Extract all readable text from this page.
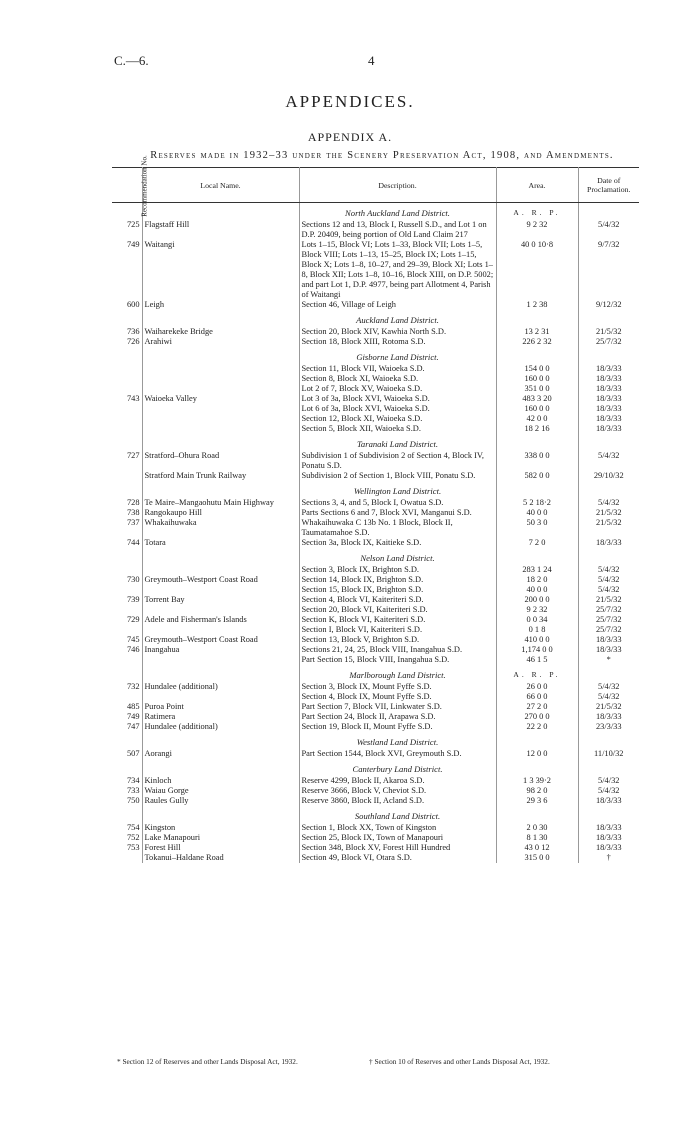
C.—6.	4
APPENDICES.
APPENDIX A.
Reserves made in 1932–33 under the Scenery Preservation Act, 1908, and Amendments.
Recommendation No.	Local Name.	Description.	Area.	Date of Proclamation.

		North Auckland Land District.	A. R. P.	
725	Flagstaff Hill	Sections 12 and 13, Block I, Russell S.D., and Lot 1 on D.P. 20409, being portion of Old Land Claim 217	9 2 32	5/4/32
749	Waitangi	Lots 1–15, Block VI; Lots 1–33, Block VII; Lots 1–5, Block VIII; Lots 1–13, 15–25, Block IX; Lots 1–15, Block X; Lots 1–8, 10–27, and 29–39, Block XI; Lots 1–8, Block XII; Lots 1–8, 10–16, Block XIII, on D.P. 5002; and part Lot 1, D.P. 4977, being part Allotment 4, Parish of Waitangi	40 0 10·8	9/7/32
600	Leigh	Section 46, Village of Leigh	1 2 38	9/12/32

		Auckland Land District.		

736	Waiharekeke Bridge	Section 20, Block XIV, Kawhia North S.D.	13 2 31	21/5/32
726	Arahiwi	Section 18, Block XIII, Rotoma S.D.	226 2 32	25/7/32

		Gisborne Land District.		

		Section 11, Block VII, Waioeka S.D.	154 0 0	18/3/33
		Section 8, Block XI, Waioeka S.D.	160 0 0	18/3/33
		Lot 2 of 7, Block XV, Waioeka S.D.	351 0 0	18/3/33
743	Waioeka Valley	Lot 3 of 3a, Block XVI, Waioeka S.D.	483 3 20	18/3/33
		Lot 6 of 3a, Block XVI, Waioeka S.D.	160 0 0	18/3/33
		Section 12, Block XI, Waioeka S.D.	42 0 0	18/3/33
		Section 5, Block XII, Waioeka S.D.	18 2 16	18/3/33

		Taranaki Land District.		

727	Stratford–Ohura Road	Subdivision 1 of Subdivision 2 of Section 4, Block IV, Ponatu S.D.	338 0 0	5/4/32
	Stratford Main Trunk Railway	Subdivision 2 of Section 1, Block VIII, Ponatu S.D.	582 0 0	29/10/32

		Wellington Land District.		

728	Te Maire–Mangaohutu Main Highway	Sections 3, 4, and 5, Block I, Owatua S.D.	5 2 18·2	5/4/32
738	Rangokaupo Hill	Parts Sections 6 and 7, Block XVI, Manganui S.D.	40 0 0	21/5/32
737	Whakaihuwaka	Whakaihuwaka C 13b No. 1 Block, Block II, Taumatamahoe S.D.	50 3 0	21/5/32
744	Totara	Section 3a, Block IX, Kaitieke S.D.	7 2 0	18/3/33

		Nelson Land District.		

		Section 3, Block IX, Brighton S.D.	283 1 24	5/4/32
730	Greymouth–Westport Coast Road	Section 14, Block IX, Brighton S.D.	18 2 0	5/4/32
		Section 15, Block IX, Brighton S.D.	40 0 0	5/4/32
739	Torrent Bay	Section 4, Block VI, Kaiteriteri S.D.	200 0 0	21/5/32
		Section 20, Block VI, Kaiteriteri S.D.	9 2 32	25/7/32
729	Adele and Fisherman's Islands	Section K, Block VI, Kaiteriteri S.D.	0 0 34	25/7/32
		Section I, Block VI, Kaiteriteri S.D.	0 1 8	25/7/32
745	Greymouth–Westport Coast Road	Section 13, Block V, Brighton S.D.	410 0 0	18/3/33
746	Inangahua	Sections 21, 24, 25, Block VIII, Inangahua S.D.	1,174 0 0	18/3/33
		Part Section 15, Block VIII, Inangahua S.D.	46 1 5	*

		Marlborough Land District.	A. R. P.	
732	Hundalee (additional)	Section 3, Block IX, Mount Fyffe S.D.	26 0 0	5/4/32
		Section 4, Block IX, Mount Fyffe S.D.	66 0 0	5/4/32
485	Puroa Point	Part Section 7, Block VII, Linkwater S.D.	27 2 0	21/5/32
749	Ratimera	Part Section 24, Block II, Arapawa S.D.	270 0 0	18/3/33
747	Hundalee (additional)	Section 19, Block II, Mount Fyffe S.D.	22 2 0	23/3/33

		Westland Land District.		

507	Aorangi	Part Section 1544, Block XVI, Greymouth S.D.	12 0 0	11/10/32

		Canterbury Land District.		

734	Kinloch	Reserve 4299, Block II, Akaroa S.D.	1 3 39·2	5/4/32
733	Waiau Gorge	Reserve 3666, Block V, Cheviot S.D.	98 2 0	5/4/32
750	Raules Gully	Reserve 3860, Block II, Acland S.D.	29 3 6	18/3/33

		Southland Land District.		

754	Kingston	Section 1, Block XX, Town of Kingston	2 0 30	18/3/33
752	Lake Manapouri	Section 25, Block IX, Town of Manapouri	8 1 30	18/3/33
753	Forest Hill	Section 348, Block XV, Forest Hill Hundred	43 0 12	18/3/33
	Tokanui–Haldane Road	Section 49, Block VI, Otara S.D.	315 0 0	†
* Section 12 of Reserves and other Lands Disposal Act, 1932.	† Section 10 of Reserves and other Lands Disposal Act, 1932.
